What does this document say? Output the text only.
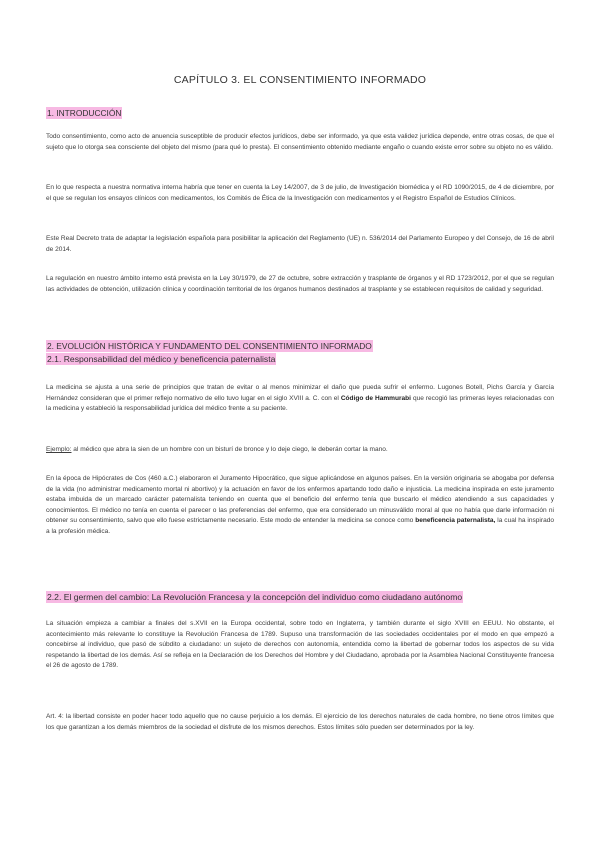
CAPÍTULO 3. EL CONSENTIMIENTO INFORMADO
1. INTRODUCCIÓN
Todo consentimiento, como acto de anuencia susceptible de producir efectos jurídicos, debe ser informado, ya que esta validez jurídica depende, entre otras cosas, de que el sujeto que lo otorga sea consciente del objeto del mismo (para qué lo presta). El consentimiento obtenido mediante engaño o cuando existe error sobre su objeto no es válido.
En lo que respecta a nuestra normativa interna habría que tener en cuenta la Ley 14/2007, de 3 de julio, de Investigación biomédica y el RD 1090/2015, de 4 de diciembre, por el que se regulan los ensayos clínicos con medicamentos, los Comités de Ética de la Investigación con medicamentos y el Registro Español de Estudios Clínicos.
Este Real Decreto trata de adaptar la legislación española para posibilitar la aplicación del Reglamento (UE) n. 536/2014 del Parlamento Europeo y del Consejo, de 16 de abril de 2014.
La regulación en nuestro ámbito interno está prevista en la Ley 30/1979, de 27 de octubre, sobre extracción y trasplante de órganos y el RD 1723/2012, por el que se regulan las actividades de obtención, utilización clínica y coordinación territorial de los órganos humanos destinados al trasplante y se establecen requisitos de calidad y seguridad.
2. EVOLUCIÓN HISTÓRICA Y FUNDAMENTO DEL CONSENTIMIENTO INFORMADO
2.1. Responsabilidad del médico y beneficencia paternalista
La medicina se ajusta a una serie de principios que tratan de evitar o al menos minimizar el daño que pueda sufrir el enfermo. Lugones Botell, Pichs García y García Hernández consideran que el primer reflejo normativo de ello tuvo lugar en el siglo XVIII a. C. con el Código de Hammurabi que recogió las primeras leyes relacionadas con la medicina y estableció la responsabilidad jurídica del médico frente a su paciente.
Ejemplo: al médico que abra la sien de un hombre con un bisturí de bronce y lo deje ciego, le deberán cortar la mano.
En la época de Hipócrates de Cos (460 a.C.) elaboraron el Juramento Hipocrático, que sigue aplicándose en algunos países. En la versión originaria se abogaba por defensa de la vida (no administrar medicamento mortal ni abortivo) y la actuación en favor de los enfermos apartando todo daño e injusticia. La medicina inspirada en este juramento estaba imbuida de un marcado carácter paternalista teniendo en cuenta que el beneficio del enfermo tenía que buscarlo el médico atendiendo a sus capacidades y conocimientos. El médico no tenía en cuenta el parecer o las preferencias del enfermo, que era considerado un minusválido moral al que no había que darle información ni obtener su consentimiento, salvo que ello fuese estrictamente necesario. Este modo de entender la medicina se conoce como beneficencia paternalista, la cual ha inspirado a la profesión médica.
2.2. El germen del cambio: La Revolución Francesa y la concepción del individuo como ciudadano autónomo
La situación empieza a cambiar a finales del s.XVII en la Europa occidental, sobre todo en Inglaterra, y también durante el siglo XVIII en EEUU. No obstante, el acontecimiento más relevante lo constituye la Revolución Francesa de 1789. Supuso una transformación de las sociedades occidentales por el modo en que empezó a concebirse al individuo, que pasó de súbdito a ciudadano: un sujeto de derechos con autonomía, entendida como la libertad de gobernar todos los aspectos de su vida respetando la libertad de los demás. Así se refleja en la Declaración de los Derechos del Hombre y del Ciudadano, aprobada por la Asamblea Nacional Constituyente francesa el 26 de agosto de 1789.
Art. 4: la libertad consiste en poder hacer todo aquello que no cause perjuicio a los demás. El ejercicio de los derechos naturales de cada hombre, no tiene otros límites que los que garantizan a los demás miembros de la sociedad el disfrute de los mismos derechos. Estos límites sólo pueden ser determinados por la ley.
